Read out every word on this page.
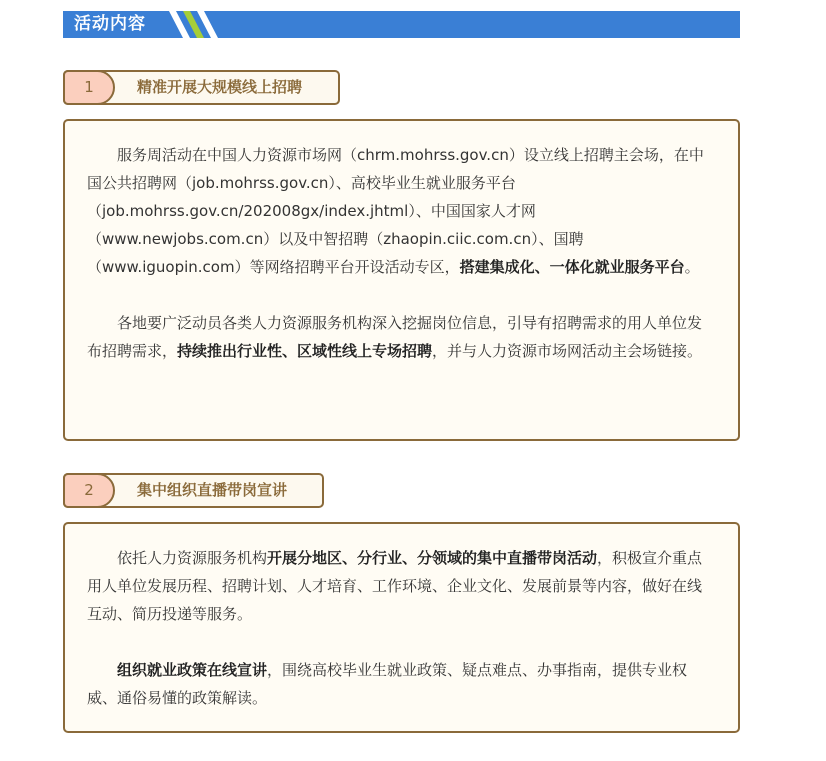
活动内容
1	精准开展大规模线上招聘

服务周活动在中国人力资源市场网（chrm.mohrss.gov.cn）设立线上招聘主会场，在中国公共招聘网（job.mohrss.gov.cn）、高校毕业生就业服务平台（job.mohrss.gov.cn/202008gx/index.jhtml）、中国国家人才网（www.newjobs.com.cn）以及中智招聘（zhaopin.ciic.com.cn）、国聘（www.iguopin.com）等网络招聘平台开设活动专区，搭建集成化、一体化就业服务平台。

各地要广泛动员各类人力资源服务机构深入挖掘岗位信息，引导有招聘需求的用人单位发布招聘需求，持续推出行业性、区域性线上专场招聘，并与人力资源市场网活动主会场链接。

2	集中组织直播带岗宣讲

依托人力资源服务机构开展分地区、分行业、分领域的集中直播带岗活动，积极宣介重点用人单位发展历程、招聘计划、人才培育、工作环境、企业文化、发展前景等内容，做好在线互动、简历投递等服务。

组织就业政策在线宣讲，围绕高校毕业生就业政策、疑点难点、办事指南，提供专业权威、通俗易懂的政策解读。
